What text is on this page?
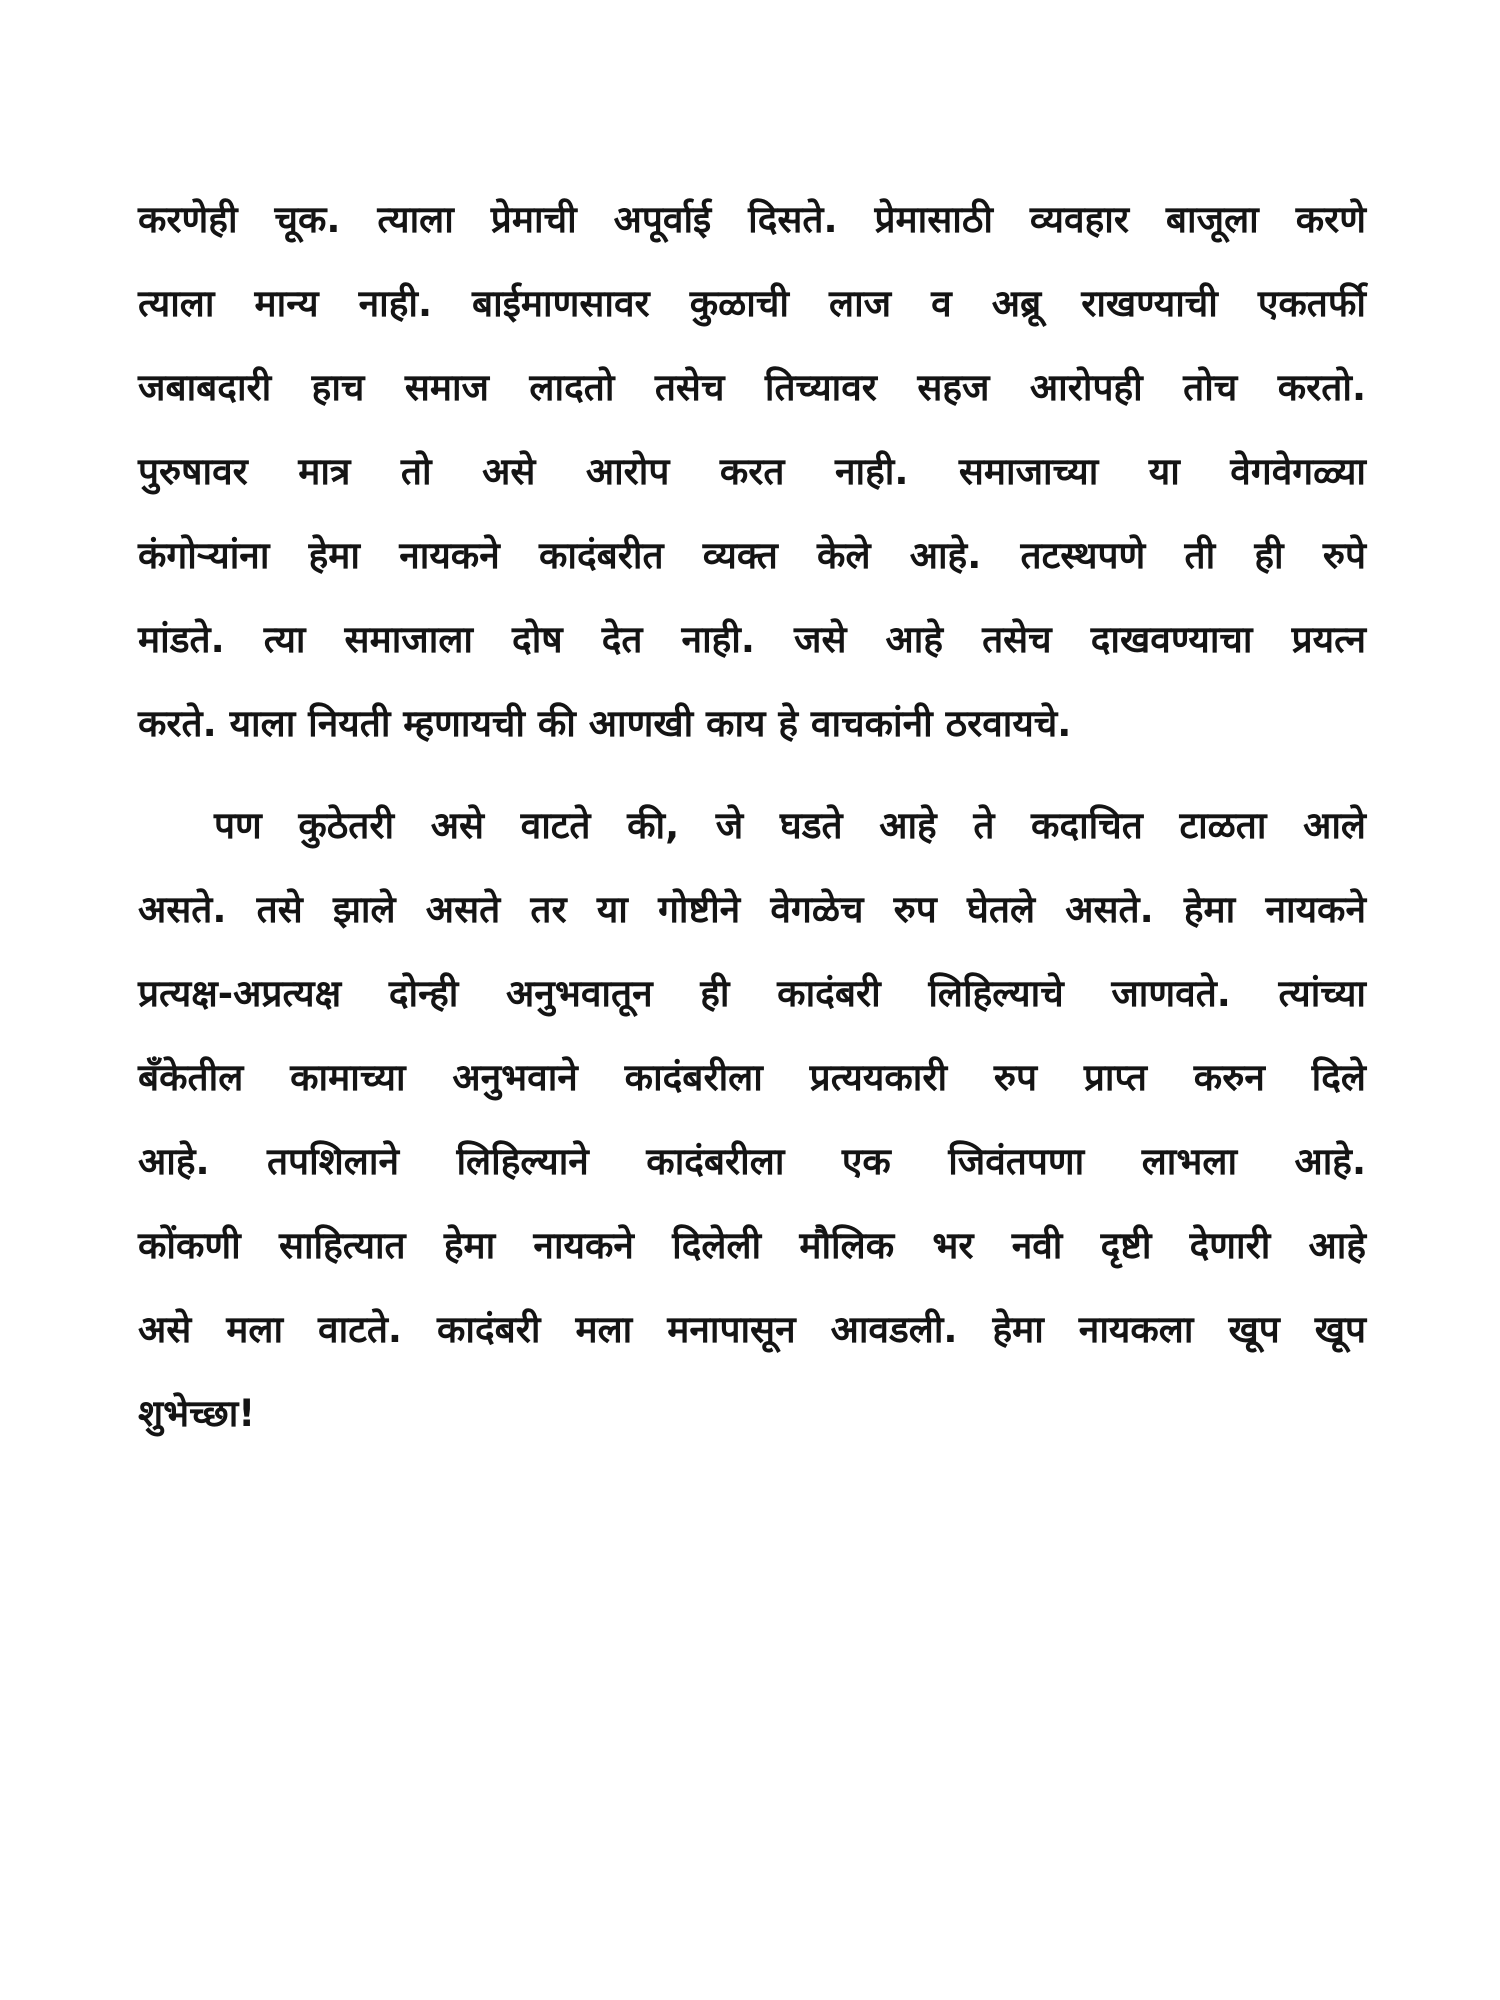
करणेही चूक. त्याला प्रेमाची अपूर्वाई दिसते. प्रेमासाठी व्यवहार बाजूला करणे
त्याला मान्य नाही. बाईमाणसावर कुळाची लाज व अब्रू राखण्याची एकतर्फी
जबाबदारी हाच समाज लादतो तसेच तिच्यावर सहज आरोपही तोच करतो.
पुरुषावर मात्र तो असे आरोप करत नाही. समाजाच्या या वेगवेगळ्या
कंगोऱ्यांना हेमा नायकने कादंबरीत व्यक्त केले आहे. तटस्थपणे ती ही रुपे
मांडते. त्या समाजाला दोष देत नाही. जसे आहे तसेच दाखवण्याचा प्रयत्न
करते. याला नियती म्हणायची की आणखी काय हे वाचकांनी ठरवायचे.
पण कुठेतरी असे वाटते की, जे घडते आहे ते कदाचित टाळता आले
असते. तसे झाले असते तर या गोष्टीने वेगळेच रुप घेतले असते. हेमा नायकने
प्रत्यक्ष-अप्रत्यक्ष दोन्ही अनुभवातून ही कादंबरी लिहिल्याचे जाणवते. त्यांच्या
बँकेतील कामाच्या अनुभवाने कादंबरीला प्रत्ययकारी रुप प्राप्त करुन दिले
आहे. तपशिलाने लिहिल्याने कादंबरीला एक जिवंतपणा लाभला आहे.
कोंकणी साहित्यात हेमा नायकने दिलेली मौलिक भर नवी दृष्टी देणारी आहे
असे मला वाटते. कादंबरी मला मनापासून आवडली. हेमा नायकला खूप खूप
शुभेच्छा!
